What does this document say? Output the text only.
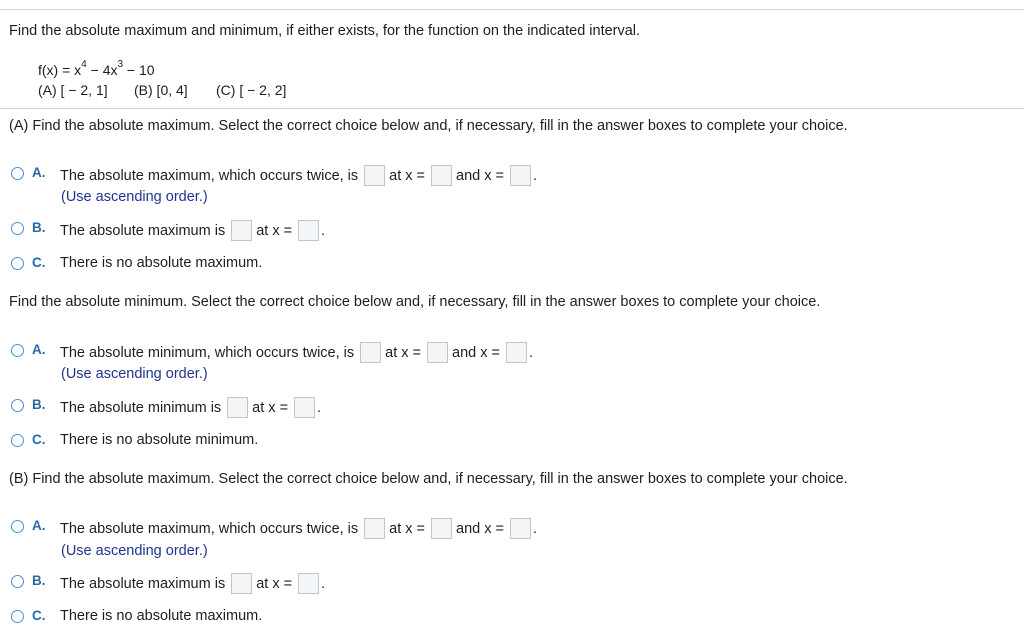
Find the absolute maximum and minimum, if either exists, for the function on the indicated interval.
$f(x) = x^4 - 4x^3 - 10$
(A) [ − 2, 1] (B) [0, 4] (C) [ − 2, 2]
(A) Find the absolute maximum. Select the correct choice below and, if necessary, fill in the answer boxes to complete your choice.
A.	The absolute maximum, which occurs twice, is at x = and x = .
(Use ascending order.)
B.	The absolute maximum is at x = .
C.	There is no absolute maximum.
Find the absolute minimum. Select the correct choice below and, if necessary, fill in the answer boxes to complete your choice.
A.	The absolute minimum, which occurs twice, is at x = and x = .
(Use ascending order.)
B.	The absolute minimum is at x = .
C.	There is no absolute minimum.
(B) Find the absolute maximum. Select the correct choice below and, if necessary, fill in the answer boxes to complete your choice.
A.	The absolute maximum, which occurs twice, is at x = and x = .
(Use ascending order.)
B.	The absolute maximum is at x = .
C.	There is no absolute maximum.
